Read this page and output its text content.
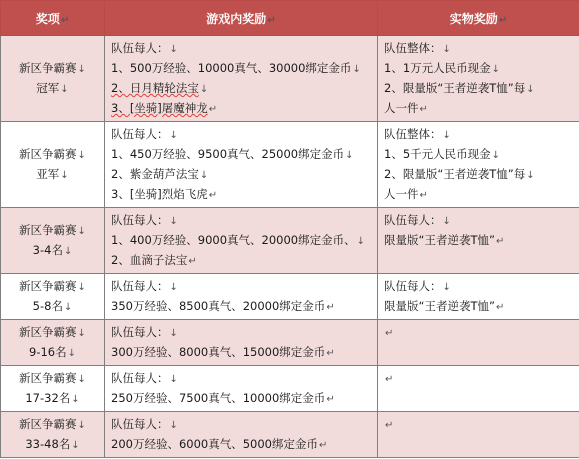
奖项↵	游戏内奖励↵	实物奖励↵

新区争霸赛↓
冠军↓	队伍每人：↓
1、500万经验、10000真气、30000绑定金币↓
2、日月精轮法宝↓
3、[坐骑]屠魔神龙↵	队伍整体：↓
1、1万元人民币现金↓
2、限量版“王者逆袭T恤”每↓
人一件↵

新区争霸赛↓
亚军↓	队伍每人：↓
1、450万经验、9500真气、25000绑定金币↓
2、紫金葫芦法宝↓
3、[坐骑]烈焰飞虎↵	队伍整体：↓
1、5千元人民币现金↓
2、限量版“王者逆袭T恤”每↓
人一件↵

新区争霸赛↓
3-4名↓	队伍每人：↓
1、400万经验、9000真气、20000绑定金币、↓
2、血滴子法宝↵	队伍每人：↓
限量版“王者逆袭T恤”↵

新区争霸赛↓
5-8名↓	队伍每人：↓
350万经验、8500真气、20000绑定金币↵	队伍每人：↓
限量版“王者逆袭T恤”↵

新区争霸赛↓
9-16名↓	队伍每人：↓
300万经验、8000真气、15000绑定金币↵	↵

新区争霸赛↓
17-32名↓	队伍每人：↓
250万经验、7500真气、10000绑定金币↵	↵

新区争霸赛↓
33-48名↓	队伍每人：↓
200万经验、6000真气、5000绑定金币↵	↵
